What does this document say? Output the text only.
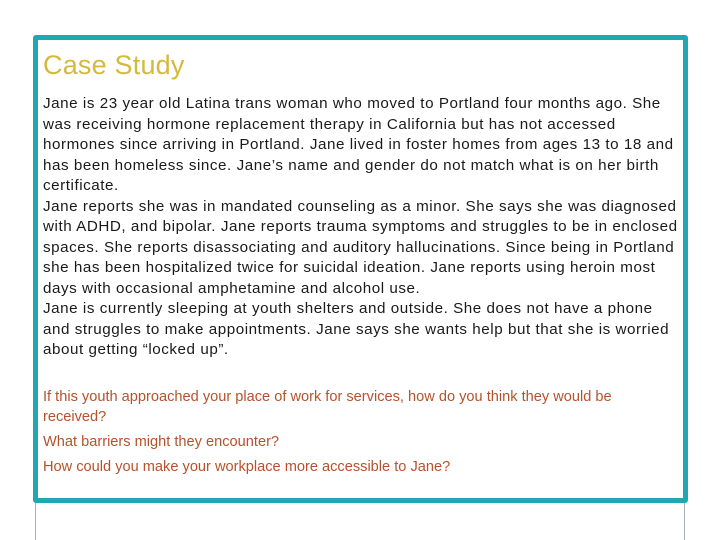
Case Study

Jane is 23 year old Latina trans woman who moved to Portland four months ago. She was receiving hormone replacement therapy in California but has not accessed hormones since arriving in Portland. Jane lived in foster homes from ages 13 to 18 and has been homeless since. Jane’s name and gender do not match what is on her birth certificate.

Jane reports she was in mandated counseling as a minor. She says she was diagnosed with ADHD, and bipolar. Jane reports trauma symptoms and struggles to be in enclosed spaces. She reports disassociating and auditory hallucinations. Since being in Portland she has been hospitalized twice for suicidal ideation. Jane reports using heroin most days with occasional amphetamine and alcohol use.

Jane is currently sleeping at youth shelters and outside. She does not have a phone and struggles to make appointments. Jane says she wants help but that she is worried about getting “locked up”.

If this youth approached your place of work for services, how do you think they would be received?

What barriers might they encounter?

How could you make your workplace more accessible to Jane?
